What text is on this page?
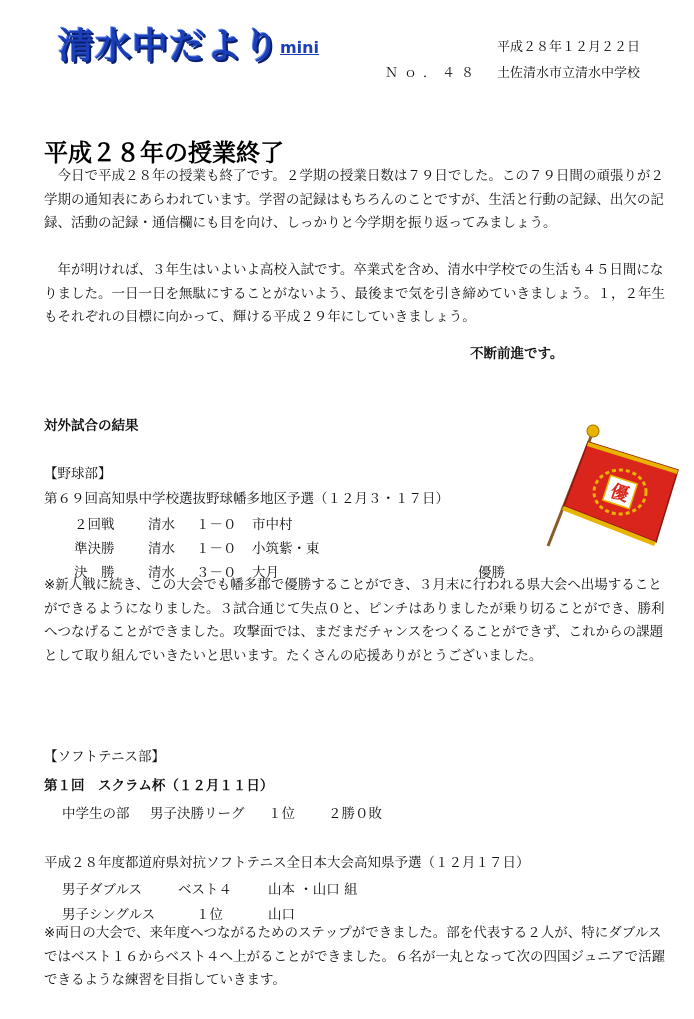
清水中だより mini	平成２８年１２月２２日
Ｎｏ．４８ 土佐清水市立清水中学校
平成２８年の授業終了
今日で平成２８年の授業も終了です。２学期の授業日数は７９日でした。この７９日間の頑張りが２学期の通知表にあらわれています。学習の記録はもちろんのことですが、生活と行動の記録、出欠の記録、活動の記録・通信欄にも目を向け、しっかりと今学期を振り返ってみましょう。
年が明ければ、３年生はいよいよ高校入試です。卒業式を含め、清水中学校での生活も４５日間になりました。一日一日を無駄にすることがないよう、最後まで気を引き締めていきましょう。１，２年生もそれぞれの目標に向かって、輝ける平成２９年にしていきましょう。
不断前進です。
対外試合の結果
【野球部】
第６９回高知県中学校選抜野球幡多地区予選（１２月３・１７日）
２回戦 清水 １－０ 市中村
準決勝 清水 １－０ 小筑紫・東
決　勝 清水 ３－０ 大月	優勝
優
※新人戦に続き、この大会でも幡多郡で優勝することができ、３月末に行われる県大会へ出場することができるようになりました。３試合通じて失点０と、ピンチはありましたが乗り切ることができ、勝利へつなげることができました。攻撃面では、まだまだチャンスをつくることができず、これからの課題として取り組んでいきたいと思います。たくさんの応援ありがとうございました。
【ソフトテニス部】
第１回　スクラム杯（１２月１１日）
中学生の部 男子決勝リーグ １位 ２勝０敗
平成２８年度都道府県対抗ソフトテニス全日本大会高知県予選（１２月１７日）
男子ダブルス	ベスト４	山本 ・山口 組
男子シングルス	１位	山口
※両日の大会で、来年度へつながるためのステップができました。部を代表する２人が、特にダブルスではベスト１６からベスト４へ上がることができました。６名が一丸となって次の四国ジュニアで活躍できるような練習を目指していきます。
